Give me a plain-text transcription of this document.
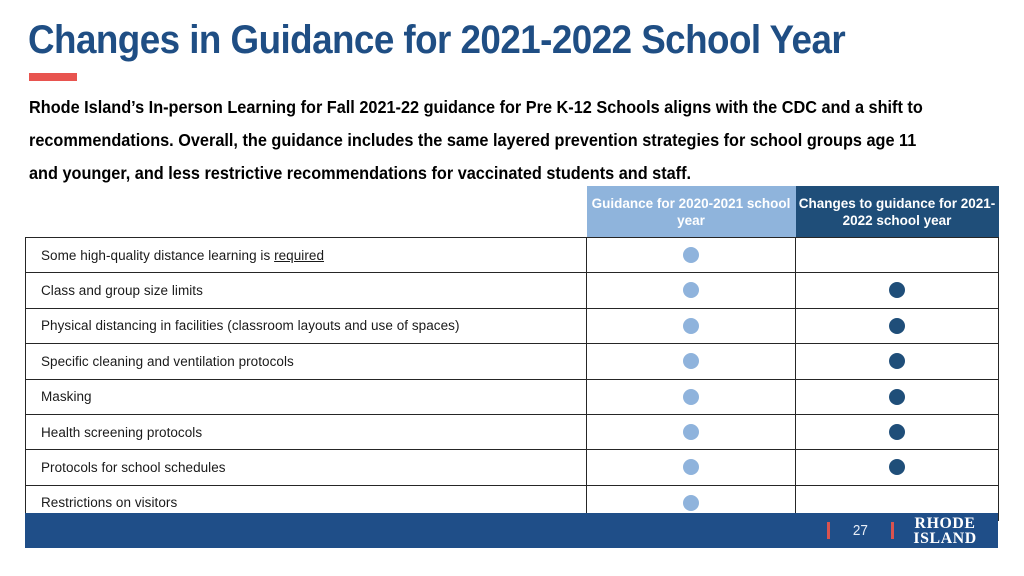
Changes in Guidance for 2021-2022 School Year
Rhode Island’s In-person Learning for Fall 2021-22 guidance for Pre K-12 Schools aligns with the CDC and a shift to recommendations. Overall, the guidance includes the same layered prevention strategies for school groups age 11 and younger, and less restrictive recommendations for vaccinated students and staff.
	Guidance for 2020-2021 school year	Changes to guidance for 2021-2022 school year
Some high-quality distance learning is required		
Class and group size limits		
Physical distancing in facilities (classroom layouts and use of spaces)		
Specific cleaning and ventilation protocols		
Masking		
Health screening protocols		
Protocols for school schedules		
Restrictions on visitors		
27	RHODE
ISLAND
